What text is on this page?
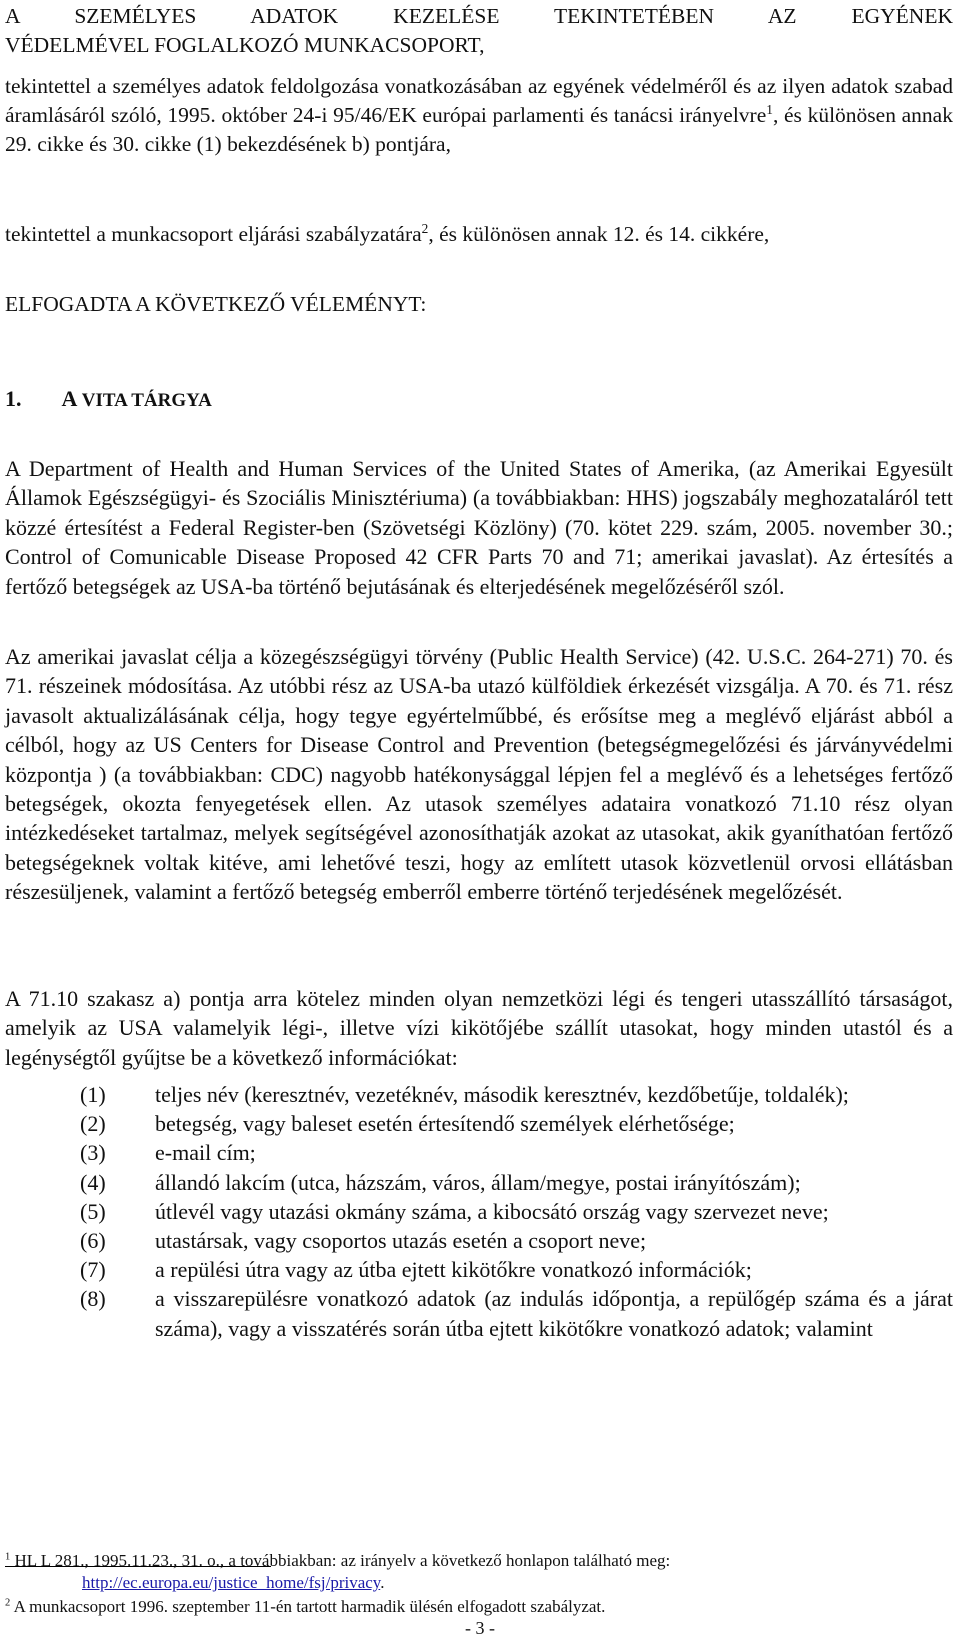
A SZEMÉLYES ADATOK KEZELÉSE TEKINTETÉBEN AZ EGYÉNEK

VÉDELMÉVEL FOGLALKOZÓ MUNKACSOPORT,

tekintettel a személyes adatok feldolgozása vonatkozásában az egyének védelméről és az ilyen adatok szabad áramlásáról szóló, 1995. október 24-i 95/46/EK európai parlamenti és tanácsi irányelvre$^1$, és különösen annak 29. cikke és 30. cikke (1) bekezdésének b) pontjára,

tekintettel a munkacsoport eljárási szabályzatára$^2$, és különösen annak 12. és 14. cikkére,

ELFOGADTA A KÖVETKEZŐ VÉLEMÉNYT:

1. A VITA TÁRGYA

A Department of Health and Human Services of the United States of Amerika, (az Amerikai Egyesült Államok Egészségügyi- és Szociális Minisztériuma) (a továbbiakban: HHS) jogszabály meghozataláról tett közzé értesítést a Federal Register-ben (Szövetségi Közlöny) (70. kötet 229. szám, 2005. november 30.; Control of Comunicable Disease Proposed 42 CFR Parts 70 and 71; amerikai javaslat). Az értesítés a fertőző betegségek az USA-ba történő bejutásának és elterjedésének megelőzéséről szól.

Az amerikai javaslat célja a közegészségügyi törvény (Public Health Service) (42. U.S.C. 264-271) 70. és 71. részeinek módosítása. Az utóbbi rész az USA-ba utazó külföldiek érkezését vizsgálja. A 70. és 71. rész javasolt aktualizálásának célja, hogy tegye egyértelműbbé, és erősítse meg a meglévő eljárást abból a célból, hogy az US Centers for Disease Control and Prevention (betegségmegelőzési és járványvédelmi központja ) (a továbbiakban: CDC) nagyobb hatékonysággal lépjen fel a meglévő és a lehetséges fertőző betegségek, okozta fenyegetések ellen. Az utasok személyes adataira vonatkozó 71.10 rész olyan intézkedéseket tartalmaz, melyek segítségével azonosíthatják azokat az utasokat, akik gyaníthatóan fertőző betegségeknek voltak kitéve, ami lehetővé teszi, hogy az említett utasok közvetlenül orvosi ellátásban részesüljenek, valamint a fertőző betegség emberről emberre történő terjedésének megelőzését.

A 71.10 szakasz a) pontja arra kötelez minden olyan nemzetközi légi és tengeri utasszállító társaságot, amelyik az USA valamelyik légi-, illetve vízi kikötőjébe szállít utasokat, hogy minden utastól és a legénységtől gyűjtse be a következő információkat:

(1)	teljes név (keresztnév, vezetéknév, második keresztnév, kezdőbetűje, toldalék);
(2)	betegség, vagy baleset esetén értesítendő személyek elérhetősége;
(3)	e-mail cím;
(4)	állandó lakcím (utca, házszám, város, állam/megye, postai irányítószám);
(5)	útlevél vagy utazási okmány száma, a kibocsátó ország vagy szervezet neve;
(6)	utastársak, vagy csoportos utazás esetén a csoport neve;
(7)	a repülési útra vagy az útba ejtett kikötőkre vonatkozó információk;
(8)	a visszarepülésre vonatkozó adatok (az indulás időpontja, a repülőgép száma és a járat száma), vagy a visszatérés során útba ejtett kikötőkre vonatkozó adatok; valamint
$^1$ HL L 281., 1995.11.23., 31. o., a továbbiakban: az irányelv a következő honlapon található meg:
http://ec.europa.eu/justice_home/fsj/privacy.
$^2$ A munkacsoport 1996. szeptember 11-én tartott harmadik ülésén elfogadott szabályzat.
- 3 -
